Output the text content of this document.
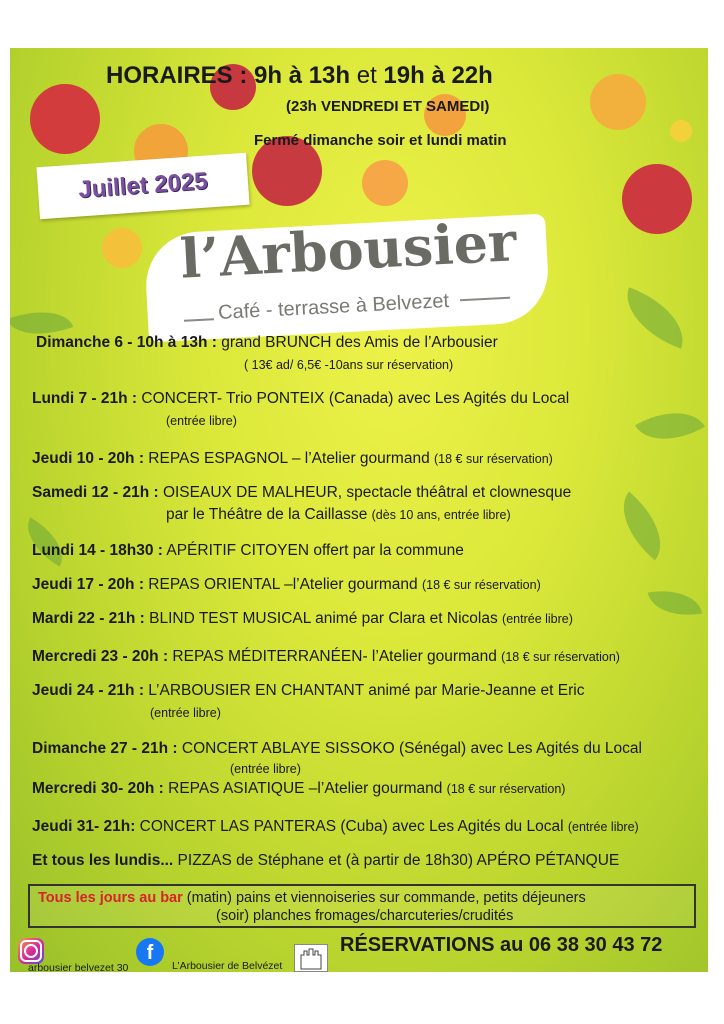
HORAIRES : 9h à 13h et 19h à 22h
(23h VENDREDI ET SAMEDI)
Fermé dimanche soir et lundi matin
Juillet 2025
l’Arbousier
Café - terrasse à Belvezet
Dimanche 6 - 10h à 13h : grand BRUNCH des Amis de l’Arbousier
( 13€ ad/ 6,5€ -10ans sur réservation)
Lundi 7 - 21h : CONCERT- Trio PONTEIX (Canada) avec Les Agités du Local
(entrée libre)
Jeudi 10 - 20h : REPAS ESPAGNOL – l’Atelier gourmand (18 € sur réservation)
Samedi 12 - 21h : OISEAUX DE MALHEUR, spectacle théâtral et clownesque
par le Théâtre de la Caillasse (dès 10 ans, entrée libre)
Lundi 14 - 18h30 : APÉRITIF CITOYEN offert par la commune
Jeudi 17 - 20h : REPAS ORIENTAL –l’Atelier gourmand (18 € sur réservation)
Mardi 22 - 21h : BLIND TEST MUSICAL animé par Clara et Nicolas (entrée libre)
Mercredi 23 - 20h : REPAS MÉDITERRANÉEN- l’Atelier gourmand (18 € sur réservation)
Jeudi 24 - 21h : L’ARBOUSIER EN CHANTANT animé par Marie-Jeanne et Eric
(entrée libre)
Dimanche 27 - 21h : CONCERT ABLAYE SISSOKO (Sénégal) avec Les Agités du Local
(entrée libre)
Mercredi 30- 20h : REPAS ASIATIQUE –l’Atelier gourmand (18 € sur réservation)
Jeudi 31- 21h: CONCERT LAS PANTERAS (Cuba) avec Les Agités du Local (entrée libre)
Et tous les lundis... PIZZAS de Stéphane et (à partir de 18h30) APÉRO PÉTANQUE
Tous les jours au bar (matin) pains et viennoiseries sur commande, petits déjeuners
(soir) planches fromages/charcuteries/crudités
RÉSERVATIONS au 06 38 30 43 72
arbousier belvezet 30
f
L’Arbousier de Belvézet
